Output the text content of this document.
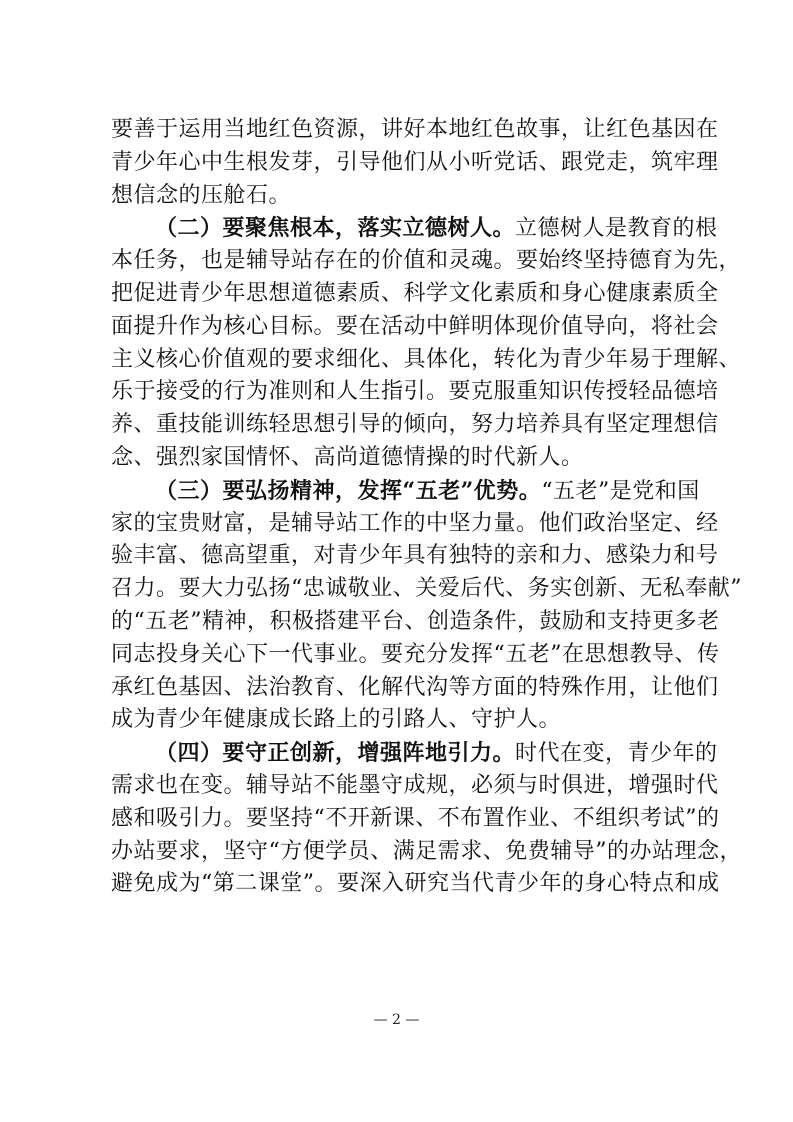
要善于运用当地红色资源，讲好本地红色故事，让红色基因在
青少年心中生根发芽，引导他们从小听党话、跟党走，筑牢理
想信念的压舱石。
（二）要聚焦根本，落实立德树人。立德树人是教育的根
本任务，也是辅导站存在的价值和灵魂。要始终坚持德育为先，
把促进青少年思想道德素质、科学文化素质和身心健康素质全
面提升作为核心目标。要在活动中鲜明体现价值导向，将社会
主义核心价值观的要求细化、具体化，转化为青少年易于理解、
乐于接受的行为准则和人生指引。要克服重知识传授轻品德培
养、重技能训练轻思想引导的倾向，努力培养具有坚定理想信
念、强烈家国情怀、高尚道德情操的时代新人。
（三）要弘扬精神，发挥“五老”优势。“五老”是党和国
家的宝贵财富，是辅导站工作的中坚力量。他们政治坚定、经
验丰富、德高望重，对青少年具有独特的亲和力、感染力和号
召力。要大力弘扬“忠诚敬业、关爱后代、务实创新、无私奉献”
的“五老”精神，积极搭建平台、创造条件，鼓励和支持更多老
同志投身关心下一代事业。要充分发挥“五老”在思想教导、传
承红色基因、法治教育、化解代沟等方面的特殊作用，让他们
成为青少年健康成长路上的引路人、守护人。
（四）要守正创新，增强阵地引力。时代在变，青少年的
需求也在变。辅导站不能墨守成规，必须与时俱进，增强时代
感和吸引力。要坚持“不开新课、不布置作业、不组织考试”的
办站要求，坚守“方便学员、满足需求、免费辅导”的办站理念，
避免成为“第二课堂”。要深入研究当代青少年的身心特点和成
— 2 —
